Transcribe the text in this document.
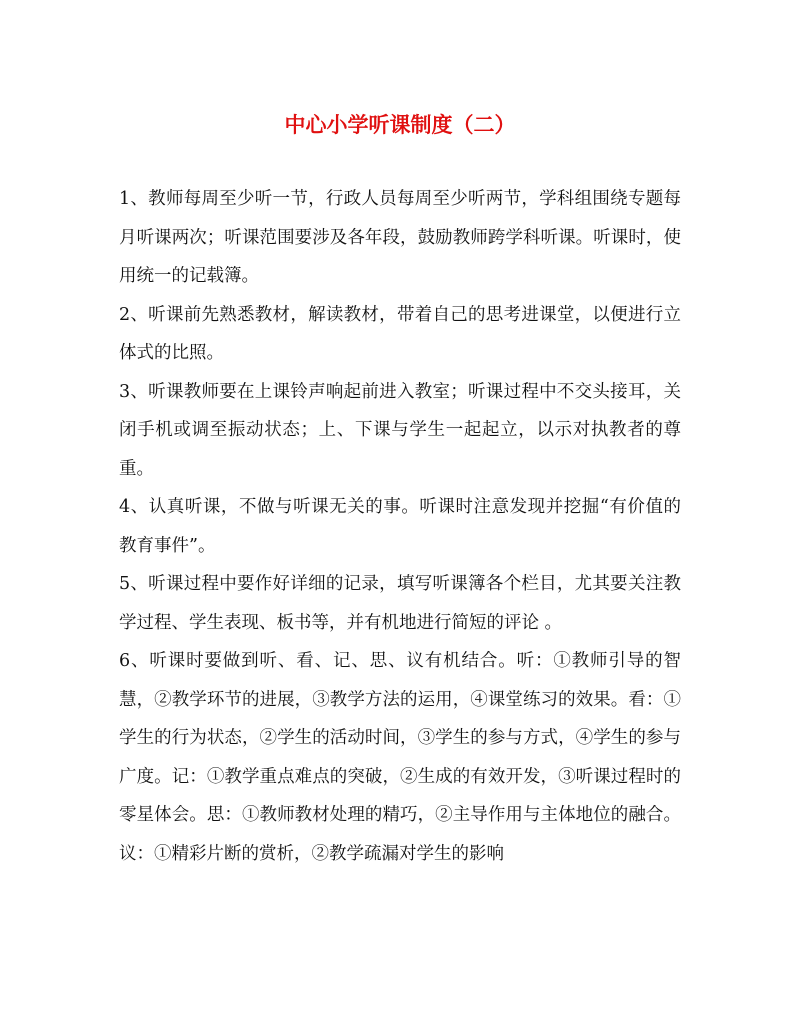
中心小学听课制度（二）

1、教师每周至少听一节，行政人员每周至少听两节，学科组围绕专题每月听课两次；听课范围要涉及各年段，鼓励教师跨学科听课。听课时，使用统一的记载簿。

2、听课前先熟悉教材，解读教材，带着自己的思考进课堂，以便进行立体式的比照。

3、听课教师要在上课铃声响起前进入教室；听课过程中不交头接耳，关闭手机或调至振动状态；上、下课与学生一起起立，以示对执教者的尊重。

4、认真听课，不做与听课无关的事。听课时注意发现并挖掘“有价值的教育事件”。

5、听课过程中要作好详细的记录，填写听课簿各个栏目，尤其要关注教学过程、学生表现、板书等，并有机地进行简短的评论 。

6、听课时要做到听、看、记、思、议有机结合。听：①教师引导的智慧，②教学环节的进展，③教学方法的运用，④课堂练习的效果。看：①学生的行为状态，②学生的活动时间，③学生的参与方式，④学生的参与广度。记：①教学重点难点的突破，②生成的有效开发，③听课过程时的零星体会。思：①教师教材处理的精巧，②主导作用与主体地位的融合。议：①精彩片断的赏析，②教学疏漏对学生的影响
